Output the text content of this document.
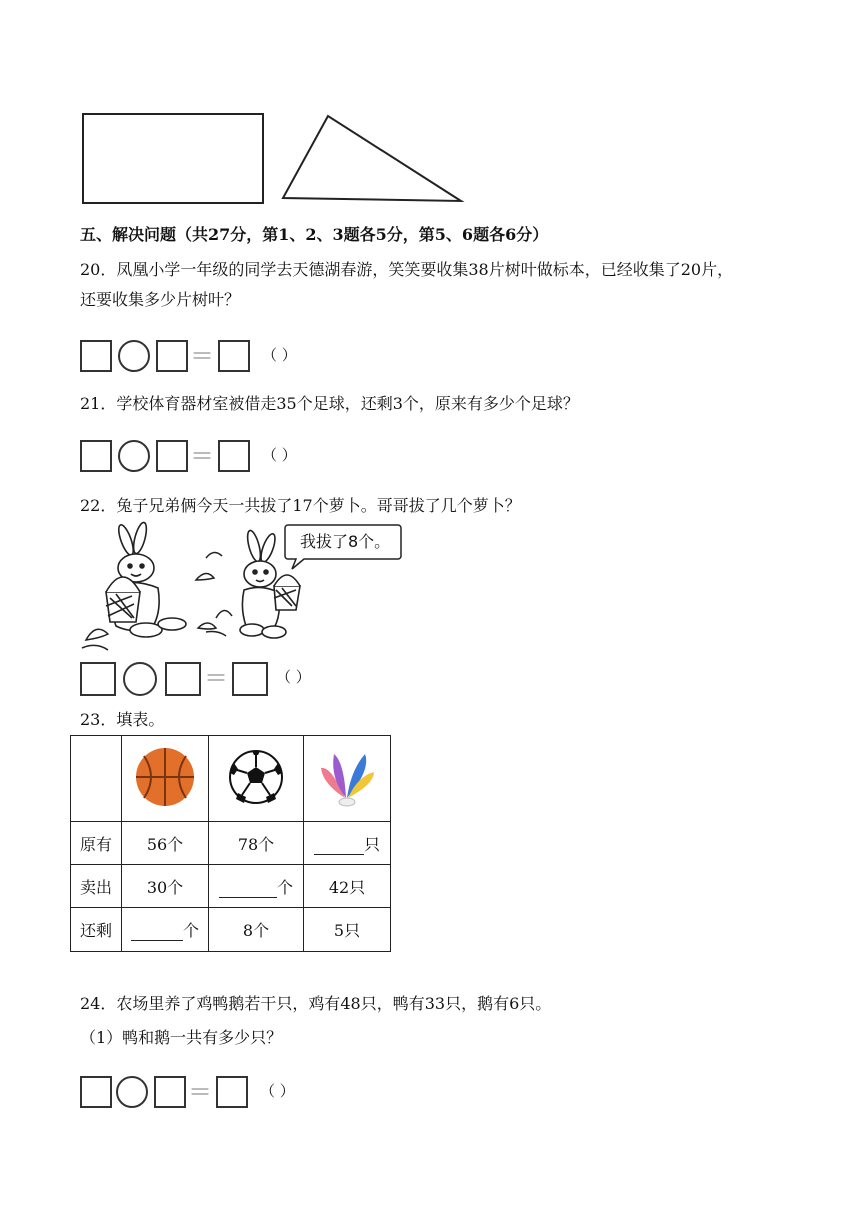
五、解决问题（共27分，第1、2、3题各5分，第5、6题各6分）
20．凤凰小学一年级的同学去天德湖春游，笑笑要收集38片树叶做标本，已经收集了20片，
还要收集多少片树叶？
＝	（ ）
21．学校体育器材室被借走35个足球，还剩3个，原来有多少个足球？
＝	（ ）
22．兔子兄弟俩今天一共拔了17个萝卜。哥哥拔了几个萝卜？
我拔了8个。
＝	（ ）
23．填表。

原有	56个	78个	只
卖出	30个	个	42只
还剩	个	8个	5只
24．农场里养了鸡鸭鹅若干只，鸡有48只，鸭有33只，鹅有6只。
（1）鸭和鹅一共有多少只？
＝	（ ）
